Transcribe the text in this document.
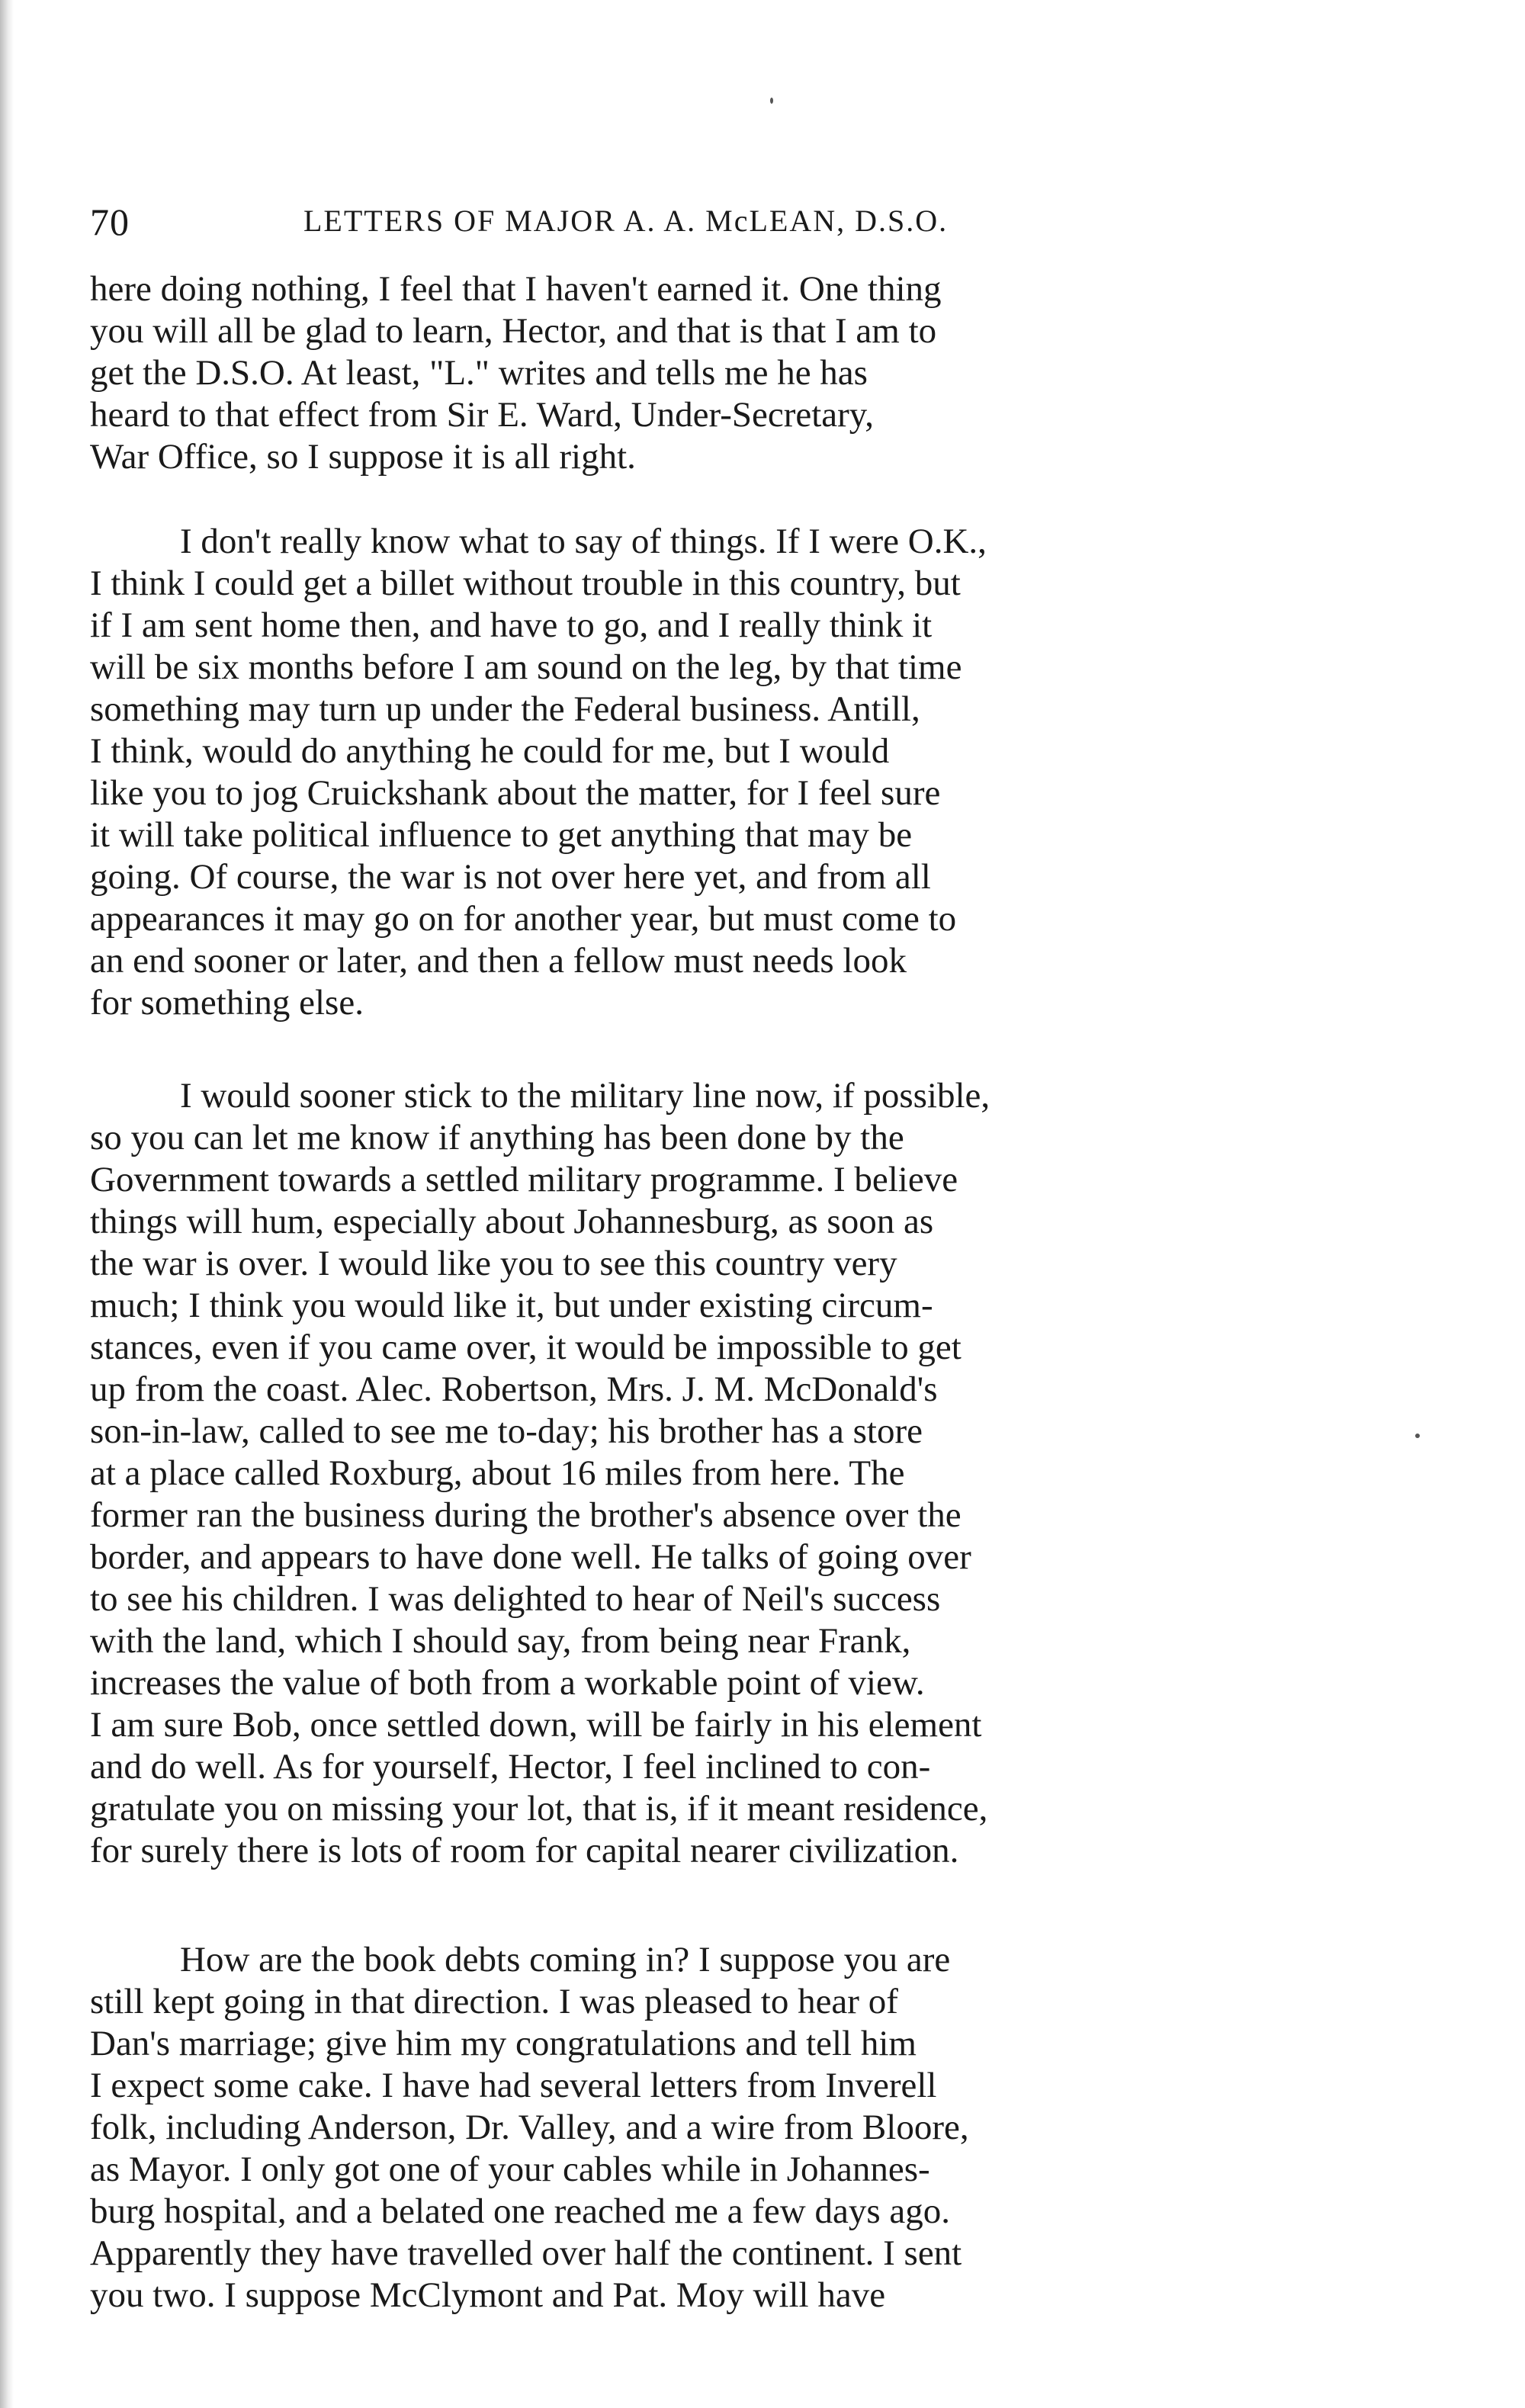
70	LETTERS OF MAJOR A. A. McLEAN, D.S.O.
here doing nothing, I feel that I haven't earned it. One thing
you will all be glad to learn, Hector, and that is that I am to
get the D.S.O. At least, "L." writes and tells me he has
heard to that effect from Sir E. Ward, Under-Secretary,
War Office, so I suppose it is all right.
I don't really know what to say of things. If I were O.K.,
I think I could get a billet without trouble in this country, but
if I am sent home then, and have to go, and I really think it
will be six months before I am sound on the leg, by that time
something may turn up under the Federal business. Antill,
I think, would do anything he could for me, but I would
like you to jog Cruickshank about the matter, for I feel sure
it will take political influence to get anything that may be
going. Of course, the war is not over here yet, and from all
appearances it may go on for another year, but must come to
an end sooner or later, and then a fellow must needs look
for something else.
I would sooner stick to the military line now, if possible,
so you can let me know if anything has been done by the
Government towards a settled military programme. I believe
things will hum, especially about Johannesburg, as soon as
the war is over. I would like you to see this country very
much; I think you would like it, but under existing circum-
stances, even if you came over, it would be impossible to get
up from the coast. Alec. Robertson, Mrs. J. M. McDonald's
son-in-law, called to see me to-day; his brother has a store
at a place called Roxburg, about 16 miles from here. The
former ran the business during the brother's absence over the
border, and appears to have done well. He talks of going over
to see his children. I was delighted to hear of Neil's success
with the land, which I should say, from being near Frank,
increases the value of both from a workable point of view.
I am sure Bob, once settled down, will be fairly in his element
and do well. As for yourself, Hector, I feel inclined to con-
gratulate you on missing your lot, that is, if it meant residence,
for surely there is lots of room for capital nearer civilization.
How are the book debts coming in? I suppose you are
still kept going in that direction. I was pleased to hear of
Dan's marriage; give him my congratulations and tell him
I expect some cake. I have had several letters from Inverell
folk, including Anderson, Dr. Valley, and a wire from Bloore,
as Mayor. I only got one of your cables while in Johannes-
burg hospital, and a belated one reached me a few days ago.
Apparently they have travelled over half the continent. I sent
you two. I suppose McClymont and Pat. Moy will have
